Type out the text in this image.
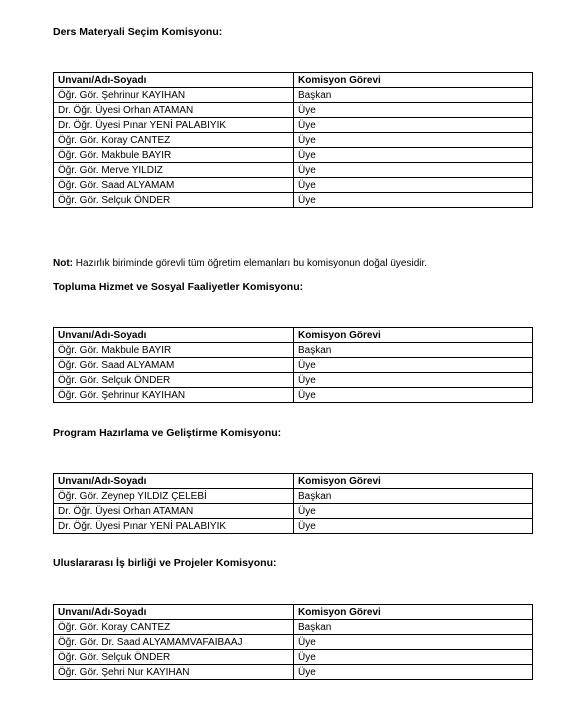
Ders Materyali Seçim Komisyonu:
Unvanı/Adı-Soyadı	Komisyon Görevi
Öğr. Gör. Şehrinur KAYIHAN	Başkan
Dr. Öğr. Üyesi Orhan ATAMAN	Üye
Dr. Öğr. Üyesi Pınar YENİ PALABIYIK	Üye
Öğr. Gör. Koray CANTEZ	Üye
Öğr. Gör. Makbule BAYIR	Üye
Öğr. Gör. Merve YILDIZ	Üye
Öğr. Gör. Saad ALYAMAM	Üye
Öğr. Gör. Selçuk ÖNDER	Üye
Not: Hazırlık biriminde görevli tüm öğretim elemanları bu komisyonun doğal üyesidir.
Topluma Hizmet ve Sosyal Faaliyetler Komisyonu:
Unvanı/Adı-Soyadı	Komisyon Görevi
Öğr. Gör. Makbule BAYIR	Başkan
Öğr. Gör. Saad ALYAMAM	Üye
Öğr. Gör. Selçuk ÖNDER	Üye
Öğr. Gör. Şehrinur KAYIHAN	Üye
Program Hazırlama ve Geliştirme Komisyonu:
Unvanı/Adı-Soyadı	Komisyon Görevi
Öğr. Gör. Zeynep YILDIZ ÇELEBİ	Başkan
Dr. Öğr. Üyesi Orhan ATAMAN	Üye
Dr. Öğr. Üyesi Pınar YENİ PALABIYIK	Üye
Uluslararası İş birliği ve Projeler Komisyonu:
Unvanı/Adı-Soyadı	Komisyon Görevi
Öğr. Gör. Koray CANTEZ	Başkan
Öğr. Gör. Dr. Saad ALYAMAMVAFAIBAAJ	Üye
Öğr. Gör. Selçuk ÖNDER	Üye
Öğr. Gör. Şehri Nur KAYIHAN	Üye
